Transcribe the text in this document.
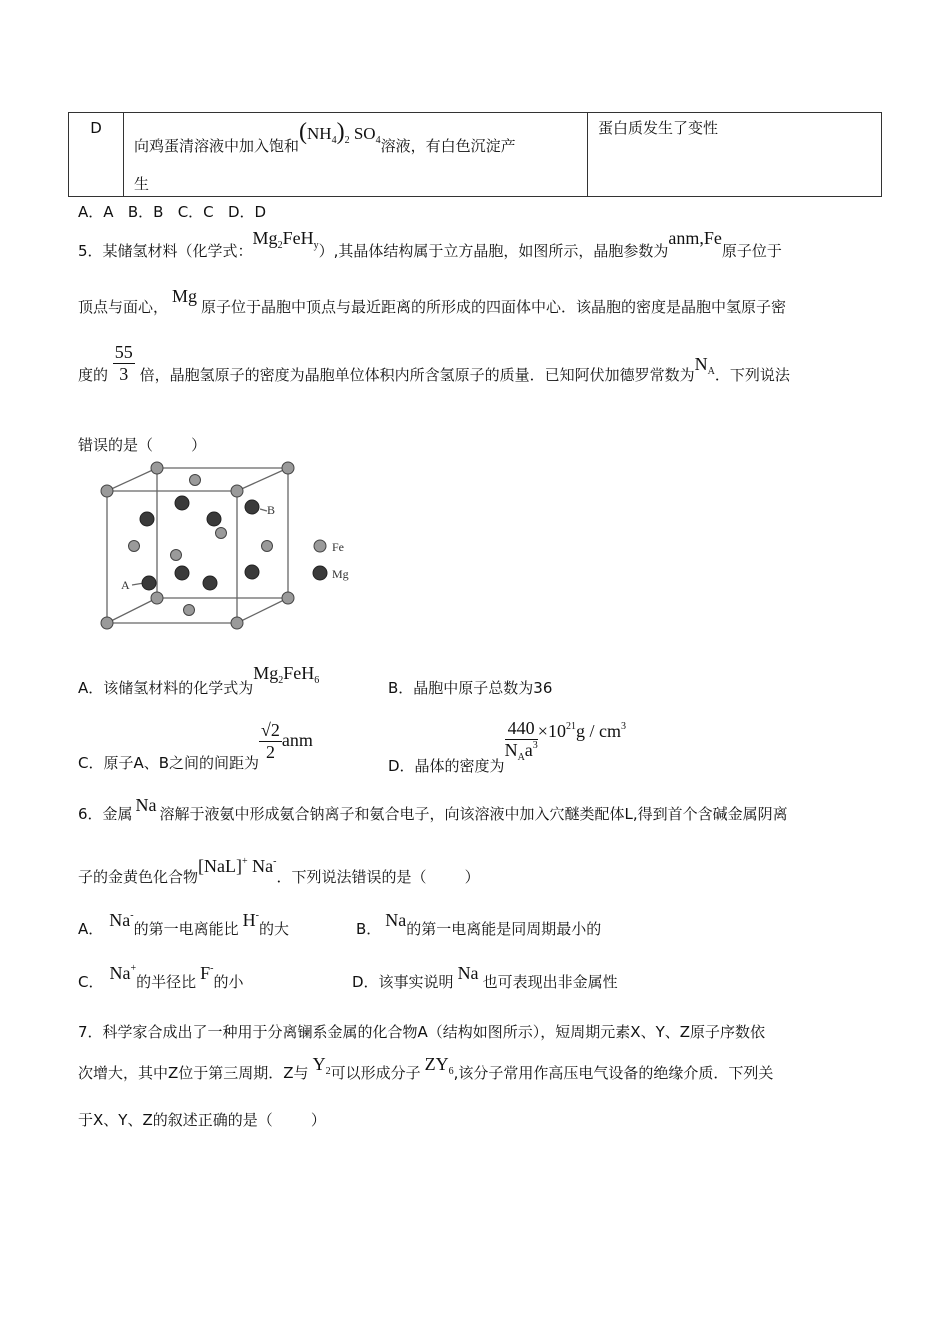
D

向鸡蛋清溶液中加入饱和$(NH_4)_2$ $SO_4$溶液，有白色沉淀产
生

蛋白质发生了变性
A．A   B．B   C．C   D．D
5．某储氢材料（化学式：$Mg_2FeH_y$）,其晶体结构属于立方晶胞，如图所示，晶胞参数为anm,Fe原子位于
顶点与面心，Mg原子位于晶胞中顶点与最近距离的所形成的四面体中心．该晶胞的密度是晶胞中氢原子密
度的 $\frac{55}{3}$ 倍，晶胞氢原子的密度为晶胞单位体积内所含氢原子的质量．已知阿伏加德罗常数为$N_A$．下列说法
错误的是（        ）
Fe
Mg
A
B
A．该储氢材料的化学式为$Mg_2FeH_6$	B．晶胞中原子总数为36
C．原子A、B之间的间距为 $\frac{√2}{2}$ anm
D．晶体的密度为
$\frac{440}{N_Aa^3} \times 10^{21}g / cm^3$
6．金属 Na 溶解于液氨中形成氨合钠离子和氨合电子，向该溶液中加入穴醚类配体L,得到首个含碱金属阴离
子的金黄色化合物[NaL]+ Na-．下列说法错误的是（        ）
A． Na-的第一电离能比 H-的大	B． Na的第一电离能是同周期最小的
C． Na+的半径比 F-的小	D．该事实说明 Na 也可表现出非金属性
7．科学家合成出了一种用于分离镧系金属的化合物A（结构如图所示），短周期元素X、Y、Z原子序数依
次增大，其中Z位于第三周期．Z与 $Y_2$可以形成分子 $ZY_6$,该分子常用作高压电气设备的绝缘介质．下列关
于X、Y、Z的叙述正确的是（        ）
